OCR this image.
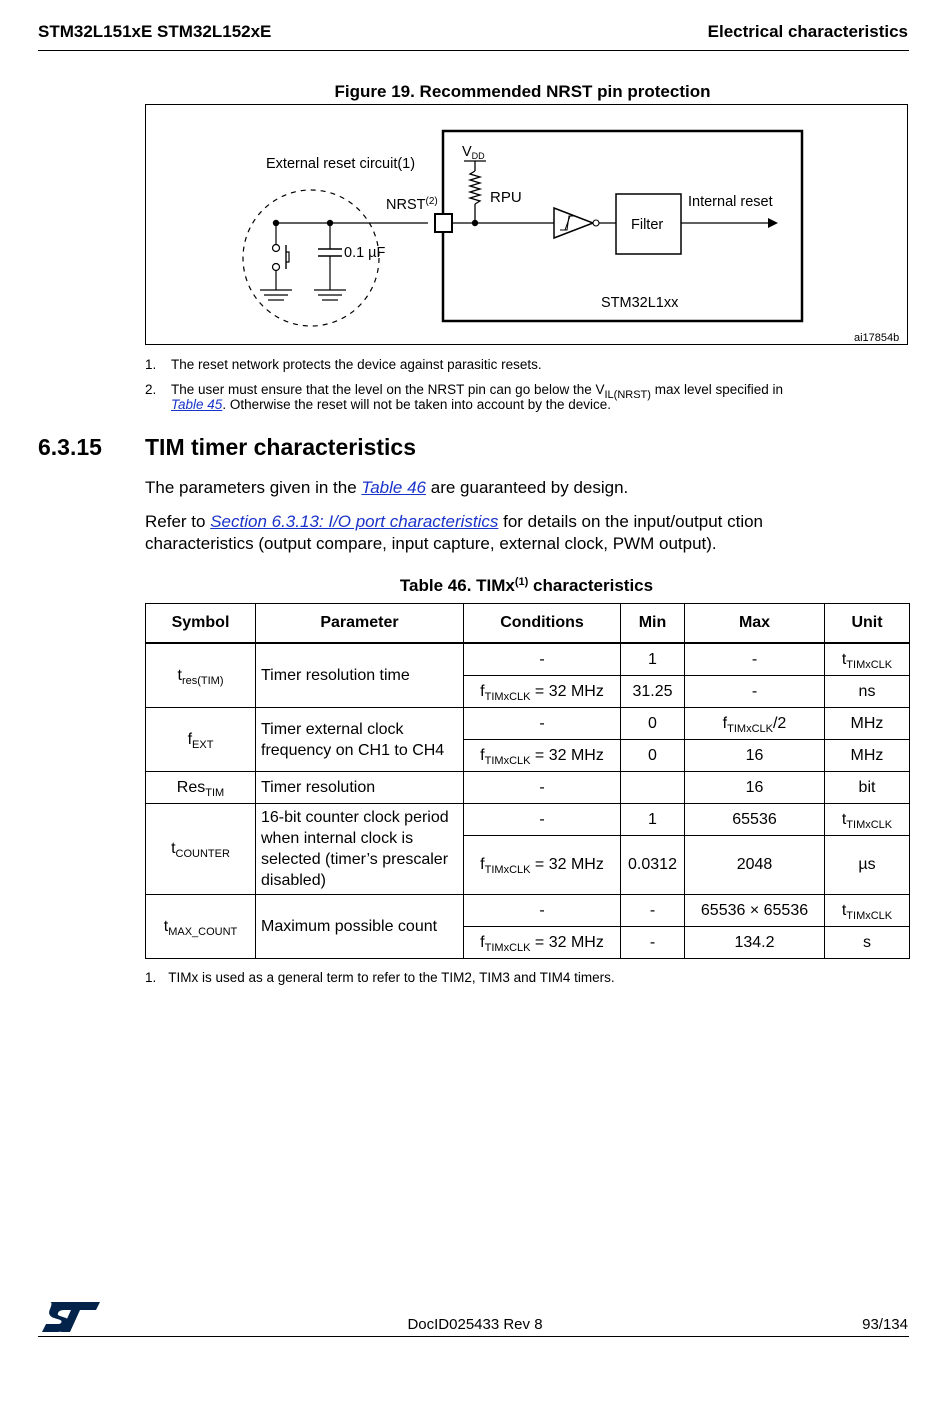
STM32L151xE STM32L152xE	Electrical characteristics
Figure 19. Recommended NRST pin protection
External reset circuit(1)
NRST$^{(2)}$
$V_{DD}$
RPU
0.1 µF
Filter
Internal reset
STM32L1xx
ai17854b
1. The reset network protects the device against parasitic resets.
2. The user must ensure that the level on the NRST pin can go below the $V_{IL(NRST)}$ max level specified in
Table 45. Otherwise the reset will not be taken into account by the device.
6.3.15 TIM timer characteristics
The parameters given in the Table 46 are guaranteed by design.
Refer to Section 6.3.13: I/O port characteristics for details on the input/output ction characteristics (output compare, input capture, external clock, PWM output).
Table 46. TIMx$^{(1)}$ characteristics
Symbol	Parameter	Conditions	Min	Max	Unit
$t_{res(TIM)}$	Timer resolution time	-	1	-	$t_{TIMxCLK}$
		$f_{TIMxCLK} = 32$ MHz	31.25	-	ns
$f_{EXT}$	Timer external clock frequency on CH1 to CH4	-	0	$f_{TIMxCLK}/2$	MHz
		$f_{TIMxCLK} = 32$ MHz	0	16	MHz
Res$_{TIM}$	Timer resolution	-		16	bit
$t_{COUNTER}$	16-bit counter clock period when internal clock is selected (timer’s prescaler disabled)	-	1	65536	$t_{TIMxCLK}$
		$f_{TIMxCLK} = 32$ MHz	0.0312	2048	µs
$t_{MAX\_COUNT}$	Maximum possible count	-	-	65536 × 65536	$t_{TIMxCLK}$
		$f_{TIMxCLK} = 32$ MHz	-	134.2	s
1. TIMx is used as a general term to refer to the TIM2, TIM3 and TIM4 timers.
DocID025433 Rev 8	93/134
